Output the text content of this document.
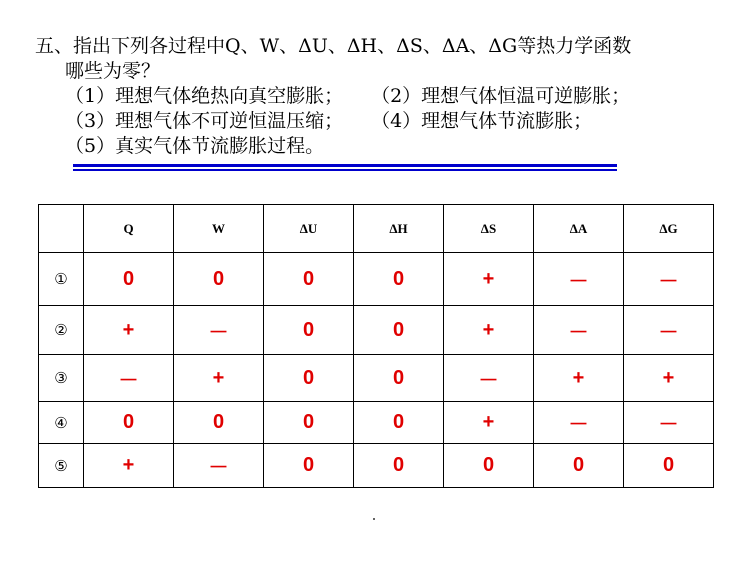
五、指出下列各过程中Q、W、ΔU、ΔH、ΔS、ΔA、ΔG等热力学函数
哪些为零？
（1）理想气体绝热向真空膨胀； （2）理想气体恒温可逆膨胀；
（3）理想气体不可逆恒温压缩； （4）理想气体节流膨胀；
（5）真实气体节流膨胀过程。
	Q	W	ΔU	ΔH	ΔS	ΔA	ΔG
①	0	0	0	0	+	－	－
②	+	－	0	0	+	－	－
③	－	+	0	0	－	+	+
④	0	0	0	0	+	－	－
⑤	+	－	0	0	0	0	0
